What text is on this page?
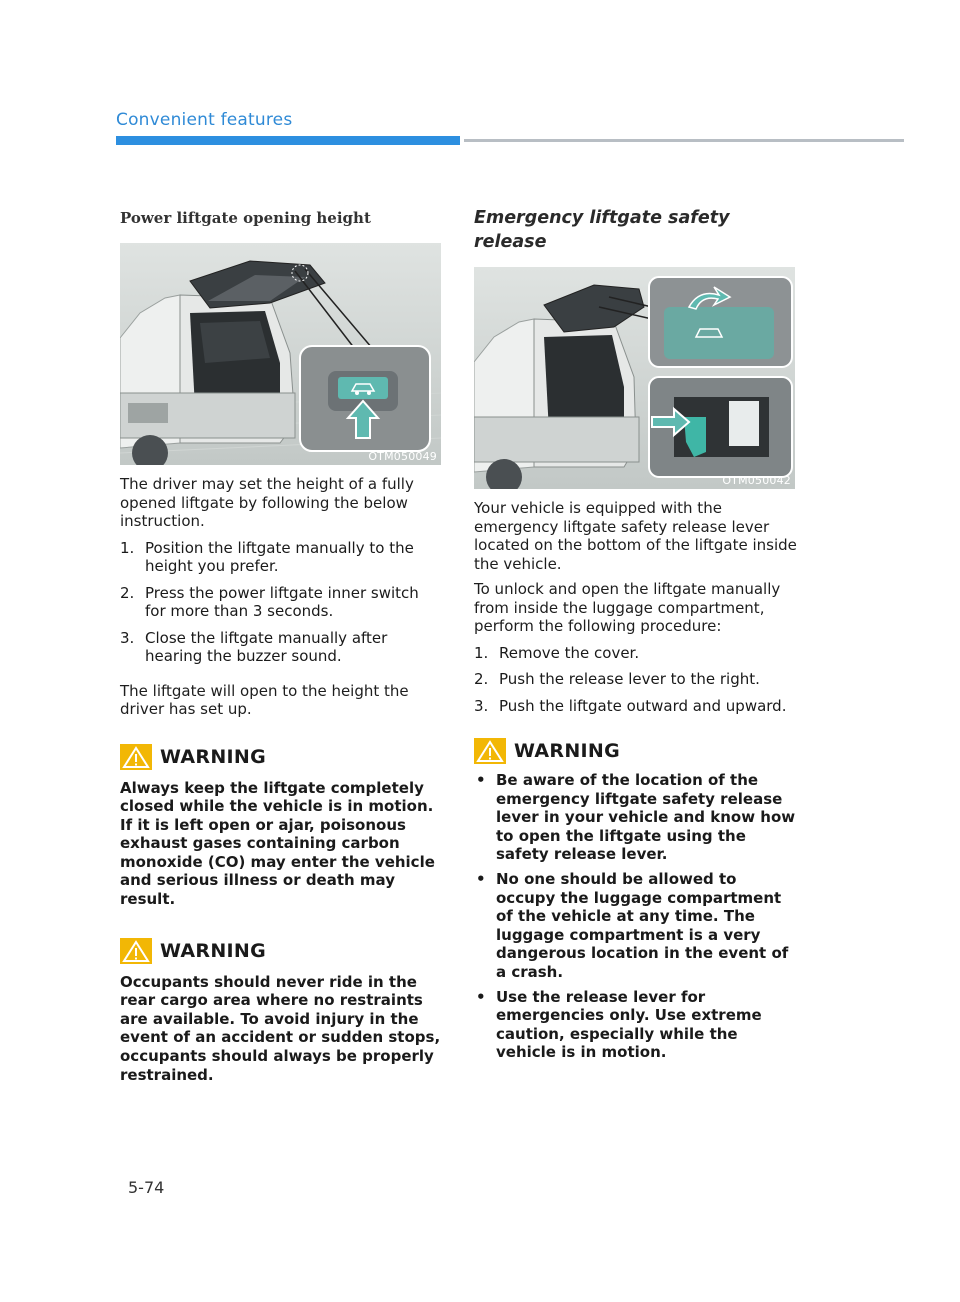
Convenient features
Power liftgate opening height
OTM050049

The driver may set the height of a fully opened liftgate by following the below instruction.

1. Position the liftgate manually to the height you prefer.
2. Press the power liftgate inner switch for more than 3 seconds.
3. Close the liftgate manually after hearing the buzzer sound.

The liftgate will open to the height the driver has set up.

WARNING
Always keep the liftgate completely closed while the vehicle is in motion. If it is left open or ajar, poisonous exhaust gases containing carbon monoxide (CO) may enter the vehicle and serious illness or death may result.
WARNING
Occupants should never ride in the rear cargo area where no restraints are available. To avoid injury in the event of an accident or sudden stops, occupants should always be properly restrained.
Emergency liftgate safety release
OTM050042

Your vehicle is equipped with the emergency liftgate safety release lever located on the bottom of the liftgate inside the vehicle.

To unlock and open the liftgate manually from inside the luggage compartment, perform the following procedure:

1. Remove the cover.
2. Push the release lever to the right.
3. Push the liftgate outward and upward.
WARNING
• Be aware of the location of the emergency liftgate safety release lever in your vehicle and know how to open the liftgate using the safety release lever.
• No one should be allowed to occupy the luggage compartment of the vehicle at any time. The luggage compartment is a very dangerous location in the event of a crash.
• Use the release lever for emergencies only. Use extreme caution, especially while the vehicle is in motion.
5-74
